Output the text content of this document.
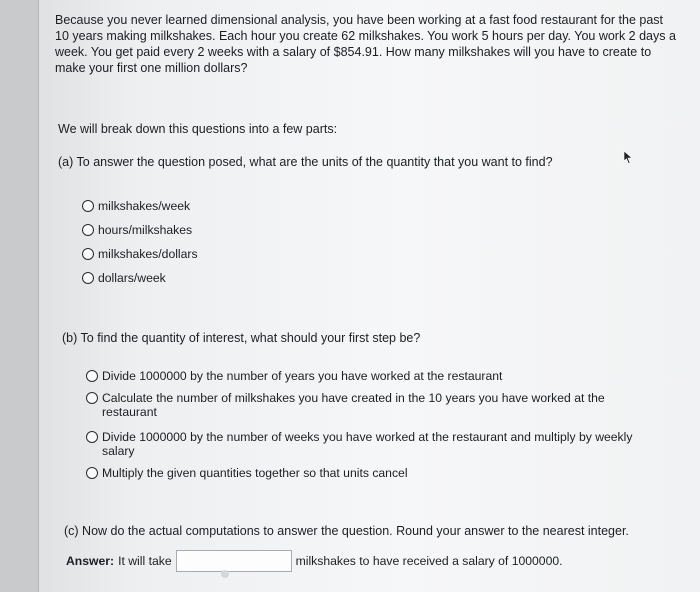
Because you never learned dimensional analysis, you have been working at a fast food restaurant for the past 10 years making milkshakes. Each hour you create 62 milkshakes. You work 5 hours per day. You work 2 days a week. You get paid every 2 weeks with a salary of $854.91. How many milkshakes will you have to create to make your first one million dollars?

We will break down this questions into a few parts:
(a) To answer the question posed, what are the units of the quantity that you want to find?
milkshakes/week
hours/milkshakes
milkshakes/dollars
dollars/week
(b) To find the quantity of interest, what should your first step be?
Divide 1000000 by the number of years you have worked at the restaurant
Calculate the number of milkshakes you have created in the 10 years you have worked at the restaurant
Divide 1000000 by the number of weeks you have worked at the restaurant and multiply by weekly salary
Multiply the given quantities together so that units cancel
(c) Now do the actual computations to answer the question. Round your answer to the nearest integer.
Answer: It will take	milkshakes to have received a salary of 1000000.
